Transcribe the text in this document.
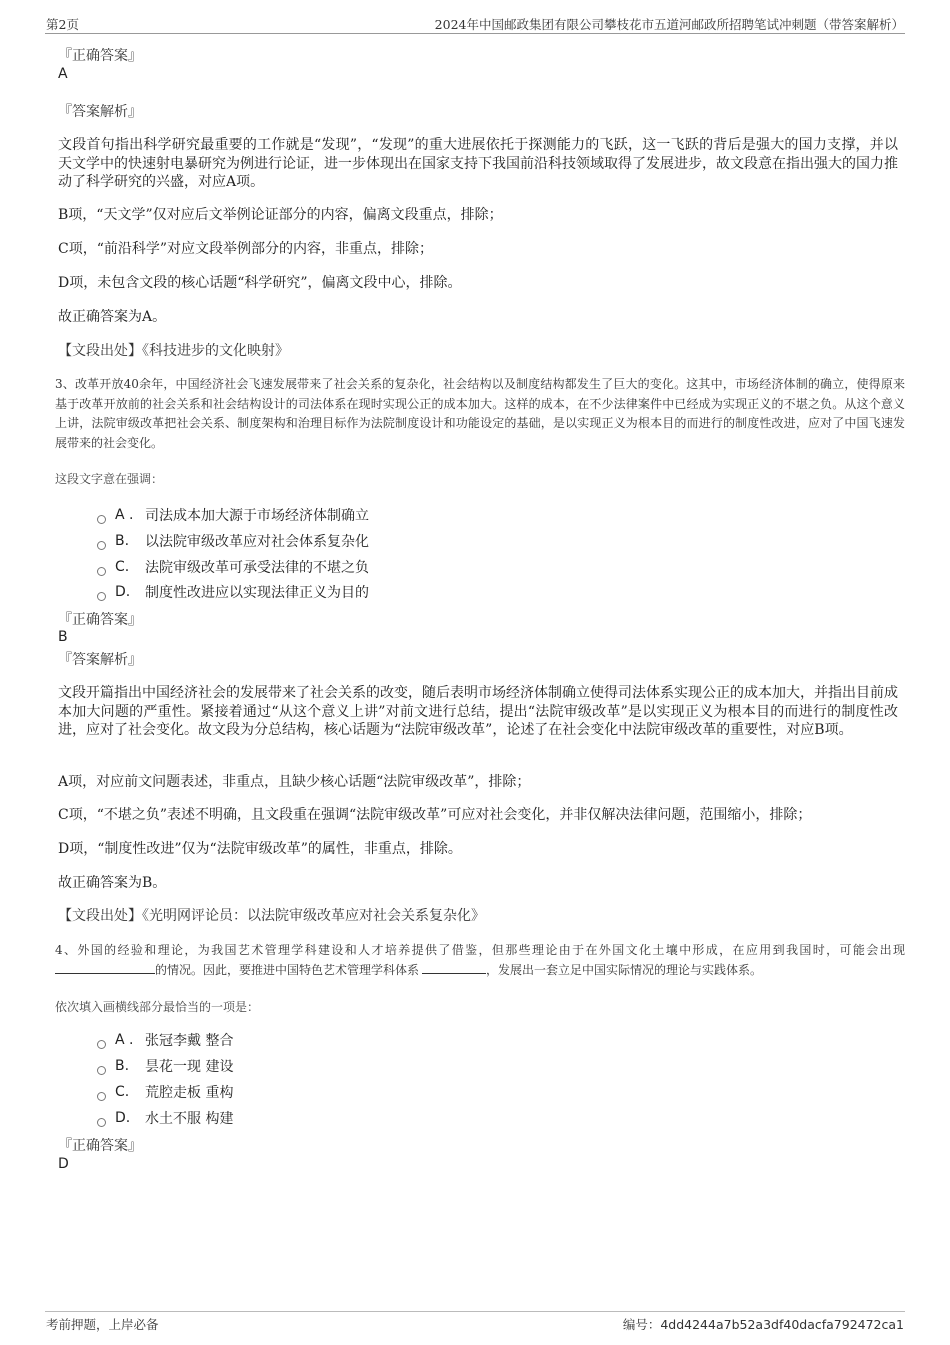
第2页	2024年中国邮政集团有限公司攀枝花市五道河邮政所招聘笔试冲刺题（带答案解析）
『正确答案』
A
『答案解析』
文段首句指出科学研究最重要的工作就是“发现”，“发现”的重大进展依托于探测能力的飞跃，这一飞跃的背后是强大的国力支撑，并以天文学中的快速射电暴研究为例进行论证，进一步体现出在国家支持下我国前沿科技领域取得了发展进步，故文段意在指出强大的国力推动了科学研究的兴盛，对应A项。
B项，“天文学”仅对应后文举例论证部分的内容，偏离文段重点，排除；
C项，“前沿科学”对应文段举例部分的内容，非重点，排除；
D项，未包含文段的核心话题“科学研究”，偏离文段中心，排除。
故正确答案为A。
【文段出处】《科技进步的文化映射》
3、改革开放40余年，中国经济社会飞速发展带来了社会关系的复杂化，社会结构以及制度结构都发生了巨大的变化。这其中，市场经济体制的确立，使得原来基于改革开放前的社会关系和社会结构设计的司法体系在现时实现公正的成本加大。这样的成本，在不少法律案件中已经成为实现正义的不堪之负。从这个意义上讲，法院审级改革把社会关系、制度架构和治理目标作为法院制度设计和功能设定的基础，是以实现正义为根本目的而进行的制度性改进，应对了中国飞速发展带来的社会变化。
这段文字意在强调：
A . 司法成本加大源于市场经济体制确立
B.	以法院审级改革应对社会体系复杂化
C.	法院审级改革可承受法律的不堪之负
D.	制度性改进应以实现法律正义为目的
『正确答案』
B
『答案解析』
文段开篇指出中国经济社会的发展带来了社会关系的改变，随后表明市场经济体制确立使得司法体系实现公正的成本加大，并指出目前成本加大问题的严重性。紧接着通过“从这个意义上讲”对前文进行总结，提出“法院审级改革”是以实现正义为根本目的而进行的制度性改进，应对了社会变化。故文段为分总结构，核心话题为“法院审级改革”，论述了在社会变化中法院审级改革的重要性，对应B项。
A项，对应前文问题表述，非重点，且缺少核心话题“法院审级改革”，排除；
C项，“不堪之负”表述不明确，且文段重在强调“法院审级改革”可应对社会变化，并非仅解决法律问题，范围缩小，排除；
D项，“制度性改进”仅为“法院审级改革”的属性，非重点，排除。
故正确答案为B。
【文段出处】《光明网评论员：以法院审级改革应对社会关系复杂化》
4、外国的经验和理论，为我国艺术管理学科建设和人才培养提供了借鉴，但那些理论由于在外国文化土壤中形成，在应用到我国时，可能会出现的情况。因此，要推进中国特色艺术管理学科体系	，发展出一套立足中国实际情况的理论与实践体系。
依次填入画横线部分最恰当的一项是：
A . 张冠李戴 整合
B.	昙花一现 建设
C.	荒腔走板 重构
D.	水土不服 构建
『正确答案』
D
考前押题，上岸必备	编号：4dd4244a7b52a3df40dacfa792472ca1
